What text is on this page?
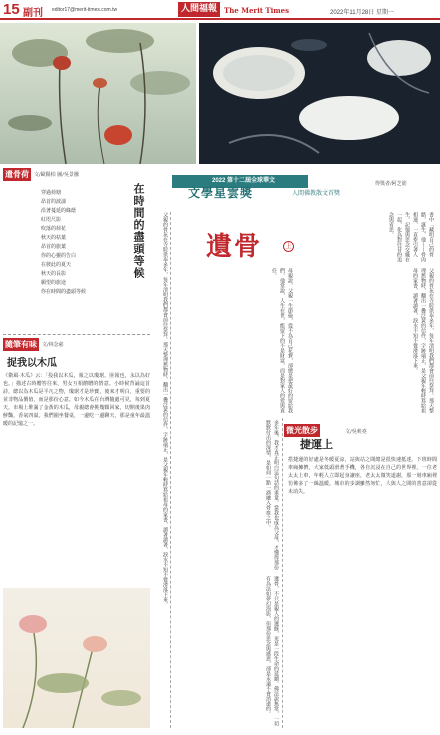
15 副刊 editor17@merit-times.com.tw	人間福報	The Merit Times	2022年11月28日 星期一
遺骨荷	文/歐陽柏 圖/吳景騰
在時間的盡頭等候
穿過荷塘
昂首的波濤
沿著蔓延的綠蔭
紅咫尺影
吹落的荷花
秋天的枯葉
昂首的旅葉
你的心靈的告白
在彼此的夏天
秋天的長影
願望的旅途
你在時間的盡頭等候
隨筆有味	文/林念慈
捉我以木瓜
《衛風·木瓜》云：「投我以木瓜，報之以瓊琚。匪報也，永以為好也。」描述古時贈答往來，男女互相饋贈的情意。小時候背誦這首詩，總以為木瓜是平凡之物，瓊琚才是珍寶，後來才明白，重要的並非物品價值，而是那份心意。如今木瓜在台灣隨處可見，每到夏天，市場上堆滿了金黃的木瓜，母親總會挑幾顆回家，切開後果肉鮮豔，香氣四溢。我們圍坐餐桌，一邊吃一邊聊天，那是童年最溫暖的記憶之一。
2022 第十二屆全球華文
文學星雲獎	人間佛教散文首獎
得獎者/阿芝筋
遺骨	上	書中「藏明自己的骨骼，誕生、他——骨肉相連，一直牽引著人生，記憶與思念交織在一起，化為對往昔的追念與省思。
父親的骨灰在寺院供奉多年，每年清明我們都會前往祭拜。那天整理舊物時，翻出一疊泛黃的信件，字跡端正，是父親年輕時寫給祖母的家書，讀著讀著，淚水不知不覺滑落下來。
母親說，父親一生節儉，從不為自己花費，卻總是把最好的留給我們。他常說，人生在世，能留下的不是財富，而是對家人的愛與責任。
多年後，我才真正明白這句話的重量。當我也成為父母，才懂得那份默默付出的深情，是如何一點一滴融入骨血之中。
遺骨，不只是親人的遺骸，更是一段生命的延續。佛法說無常，一切有為法如夢幻泡影，但那份思念與感恩，卻是永遠不會消逝的。
父親的骨灰在寺院供奉多年，每年清明我們都會前往祭拜。那天整理舊物時，翻出一疊泛黃的信件，字跡端正，是父親年輕時寫給祖母的家書，讀著讀著，淚水不知不覺滑落下來。	微光散步	文/吳莉堯
捷運上
搭捷運的好處是冬暖夏涼，站與站之間總是很快速抵達。下班時間車廂擁擠，大家低頭滑著手機，各自沉浸在自己的世界裡。一位老太太上車，年輕人立即起身讓座，老太太微笑道謝，那一刻車廂裡彷彿多了一絲溫暖。城市的步調雖然匆忙，人與人之間的善意卻從未消失。
